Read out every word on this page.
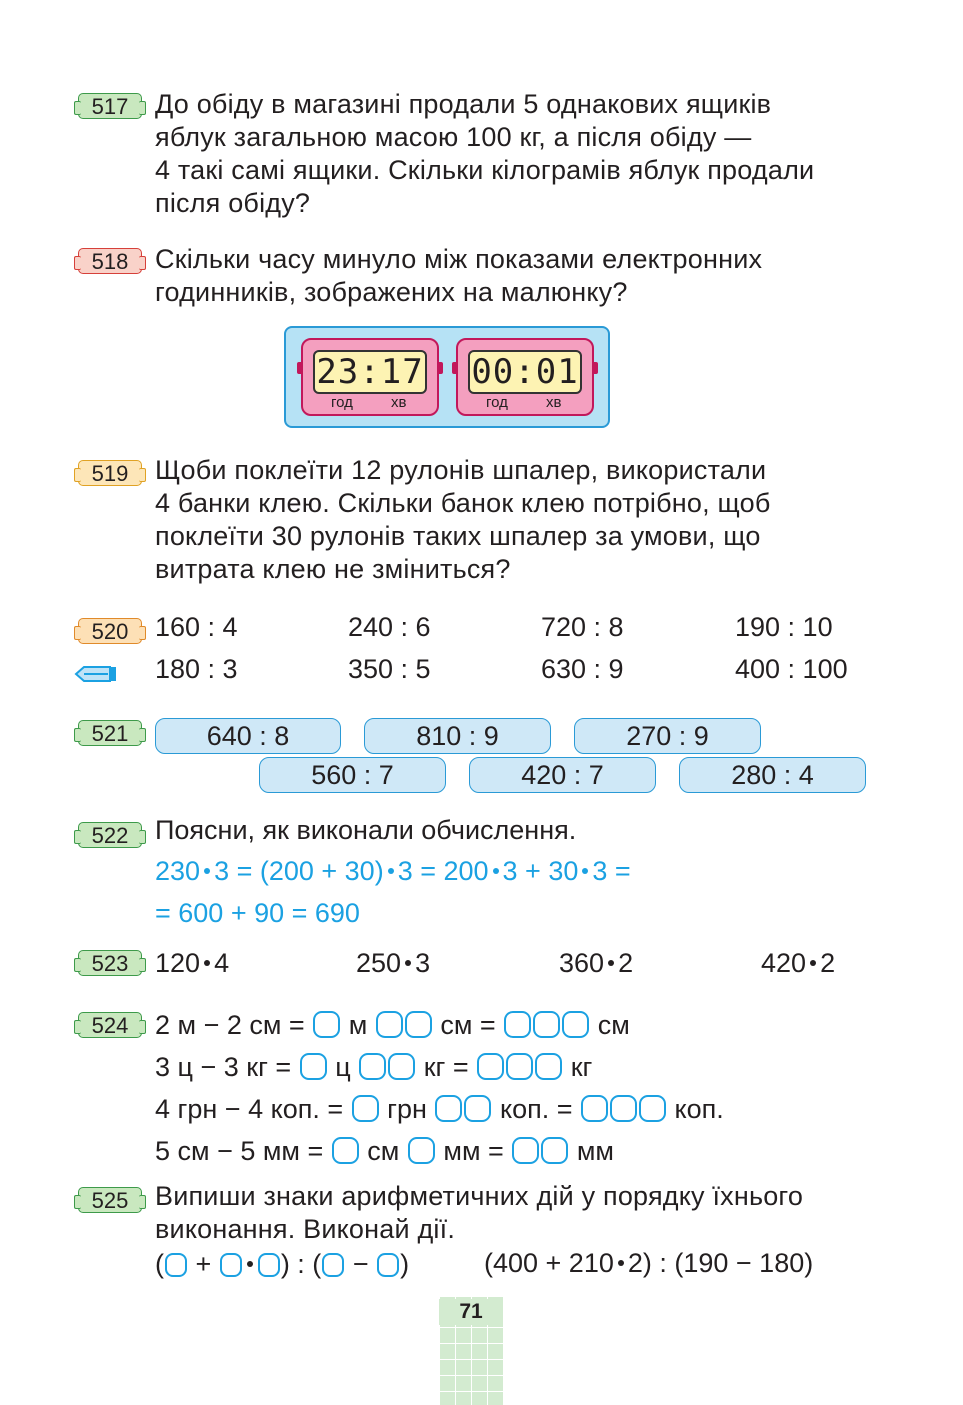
517 До обіду в магазині продали 5 однакових ящиків
яблук загальною масою 100 кг, а після обіду —
4 такі самі ящики. Скільки кілограмів яблук продали
після обіду?
518 Скільки часу минуло між показами електронних
годинників, зображених на малюнку?
23:17
год	хв
00:01
год	хв
519 Щоби поклеїти 12 рулонів шпалер, використали
4 банки клею. Скільки банок клею потрібно, щоб
поклеїти 30 рулонів таких шпалер за умови, що
витрата клею не зміниться?
520 160 : 4	240 : 6	720 : 8	190 : 10
180 : 3	350 : 5	630 : 9	400 : 100
521	640 : 8	810 : 9	270 : 9
560 : 7	420 : 7	280 : 4
522 Поясни, як виконали обчислення.
230 3 = (200 + 30) 3 = 200 3 + 30 3 =
= 600 + 90 = 690
523 120 4	250 3	360 2	420 2
524 2 м − 2 см = м	см =	см
3 ц − 3 кг = ц	кг =	кг
4 грн − 4 коп. = грн	коп. =	коп.
5 см − 5 мм = см мм =	мм
525 Випиши знаки арифметичних дій у порядку їхнього
виконання. Виконай дії.
( +	) : ( − )	(400 + 210 2) : (190 − 180)
71
